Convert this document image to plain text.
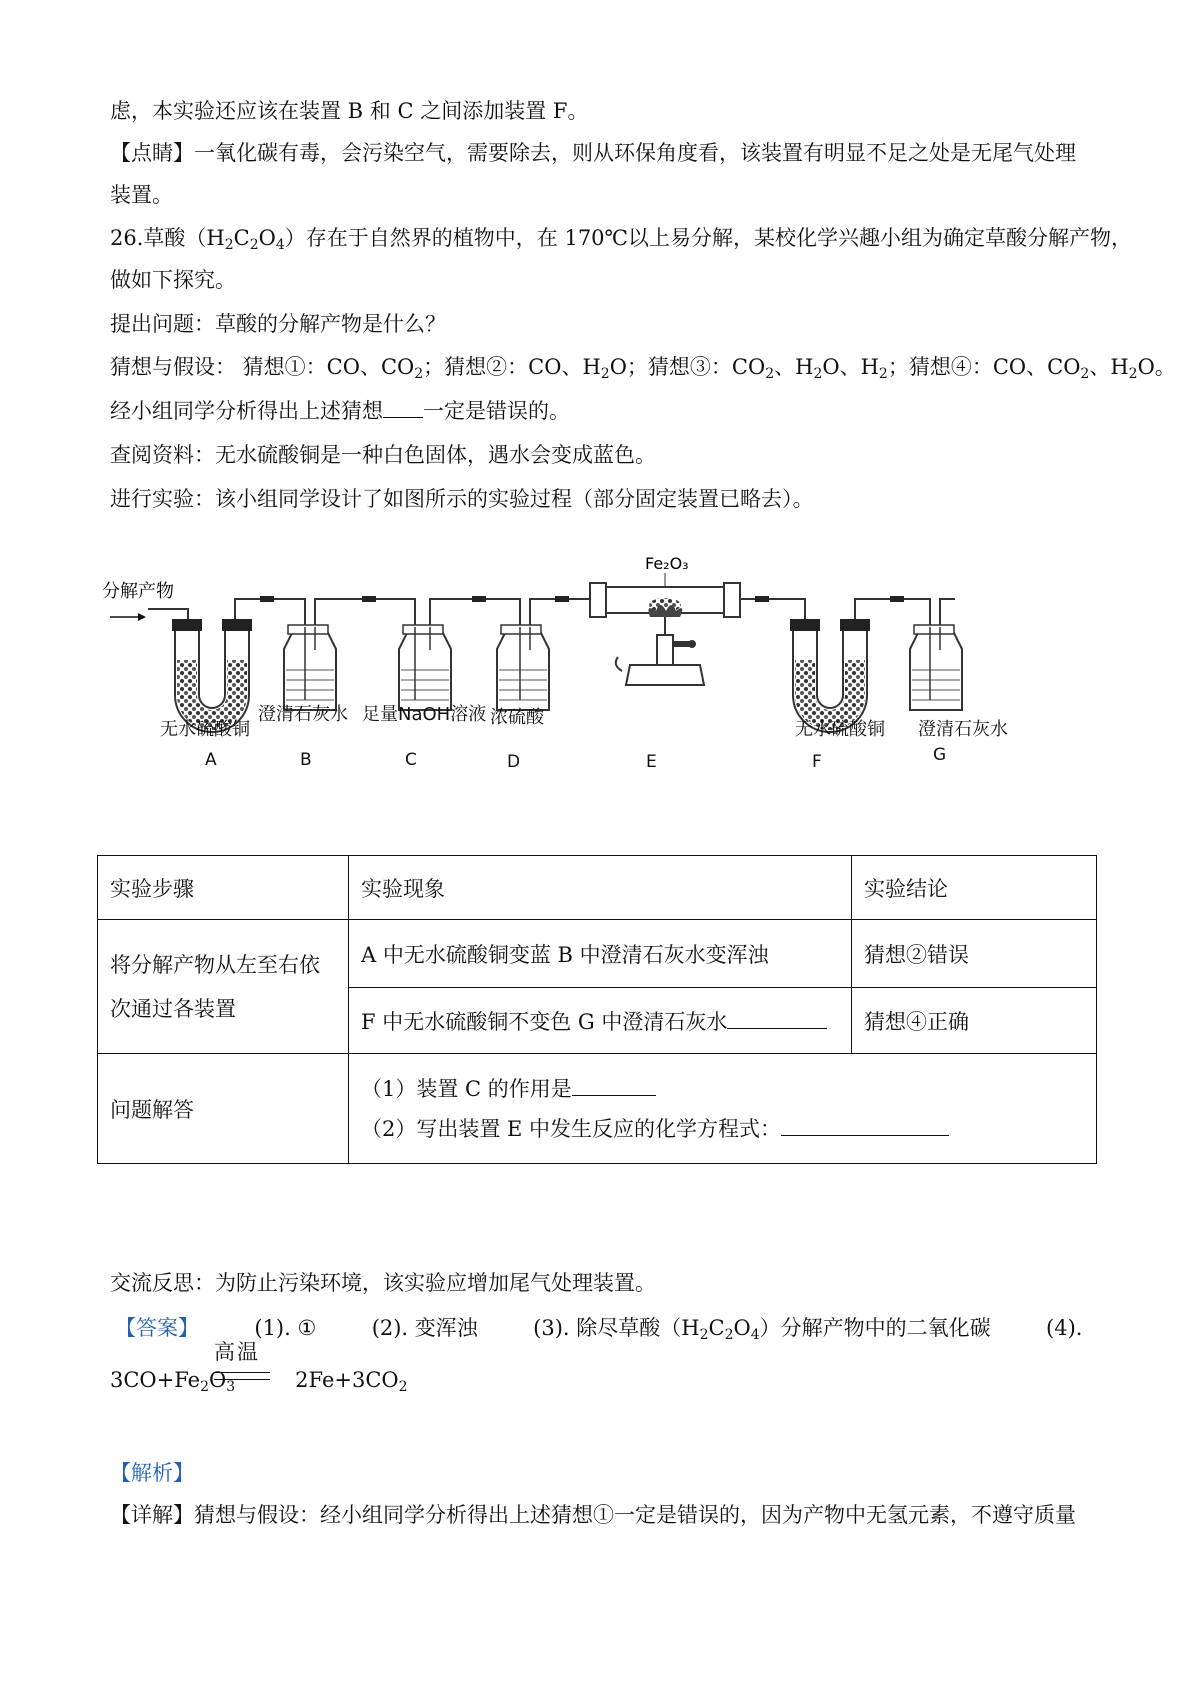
虑，本实验还应该在装置 B 和 C 之间添加装置 F。
【点睛】一氧化碳有毒，会污染空气，需要除去，则从环保角度看，该装置有明显不足之处是无尾气处理
装置。
26.草酸$(H_2C_2O_4)$存在于自然界的植物中，在 170℃以上易分解，某校化学兴趣小组为确定草酸分解产物，
做如下探究。
提出问题：草酸的分解产物是什么？
猜想与假设： 猜想①：CO、$CO_2$；猜想②：CO、$H_2O$；猜想③：$CO_2$、$H_2O$、$H_2$；猜想④：CO、$CO_2$、$H_2O$。
经小组同学分析得出上述猜想 一定是错误的。
查阅资料：无水硫酸铜是一种白色固体，遇水会变成蓝色。
进行实验：该小组同学设计了如图所示的实验过程（部分固定装置已略去）。
分解产物
Fe₂O₃
无水硫酸铜
澄清石灰水 足量NaOH溶液 浓硫酸
无水硫酸铜 澄清石灰水
A	B	C	D	E	F	G
实验步骤	实验现象	实验结论

将分解产物从左至右依
次通过各装置	A 中无水硫酸铜变蓝 B 中澄清石灰水变浑浊	猜想②错误
	F 中无水硫酸铜不变色 G 中澄清石灰水	猜想④正确
问题解答	（1）装置 C 的作用是
（2）写出装置 E 中发生反应的化学方程式：	
交流反思：为防止污染环境，该实验应增加尾气处理装置。
【答案】	(1). ①	(2). 变浑浊	(3). 除尽草酸$(H_2C_2O_4)$分解产物中的二氧化碳	(4).
$3CO+Fe_2O_3$	$2Fe+3CO_2$
高温
【解析】
【详解】猜想与假设：经小组同学分析得出上述猜想①一定是错误的，因为产物中无氢元素，不遵守质量
